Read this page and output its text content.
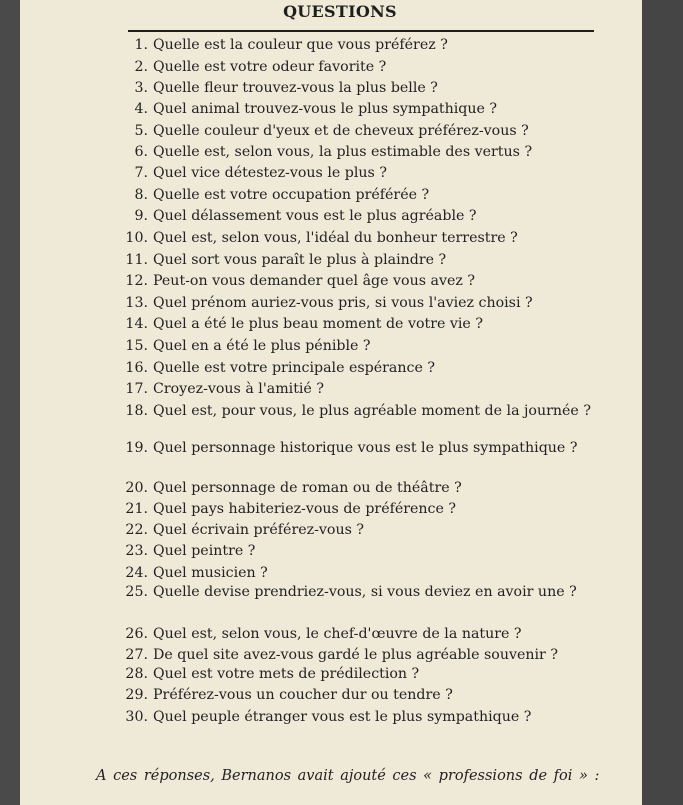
QUESTIONS
1. Quelle est la couleur que vous préférez ?
2. Quelle est votre odeur favorite ?
3. Quelle fleur trouvez-vous la plus belle ?
4. Quel animal trouvez-vous le plus sympathique ?
5. Quelle couleur d'yeux et de cheveux préférez-vous ?
6. Quelle est, selon vous, la plus estimable des vertus ?
7. Quel vice détestez-vous le plus ?
8. Quelle est votre occupation préférée ?
9. Quel délassement vous est le plus agréable ?
10. Quel est, selon vous, l'idéal du bonheur terrestre ?
11. Quel sort vous paraît le plus à plaindre ?
12. Peut-on vous demander quel âge vous avez ?
13. Quel prénom auriez-vous pris, si vous l'aviez choisi ?
14. Quel a été le plus beau moment de votre vie ?
15. Quel en a été le plus pénible ?
16. Quelle est votre principale espérance ?
17. Croyez-vous à l'amitié ?
18. Quel est, pour vous, le plus agréable moment de la journée ?
19. Quel personnage historique vous est le plus sympathique ?
20. Quel personnage de roman ou de théâtre ?
21. Quel pays habiteriez-vous de préférence ?
22. Quel écrivain préférez-vous ?
23. Quel peintre ?
24. Quel musicien ?
25. Quelle devise prendriez-vous, si vous deviez en avoir une ?
26. Quel est, selon vous, le chef-d'œuvre de la nature ?
27. De quel site avez-vous gardé le plus agréable souvenir ?
28. Quel est votre mets de prédilection ?
29. Préférez-vous un coucher dur ou tendre ?
30. Quel peuple étranger vous est le plus sympathique ?
A ces réponses, Bernanos avait ajouté ces « professions de foi » :
